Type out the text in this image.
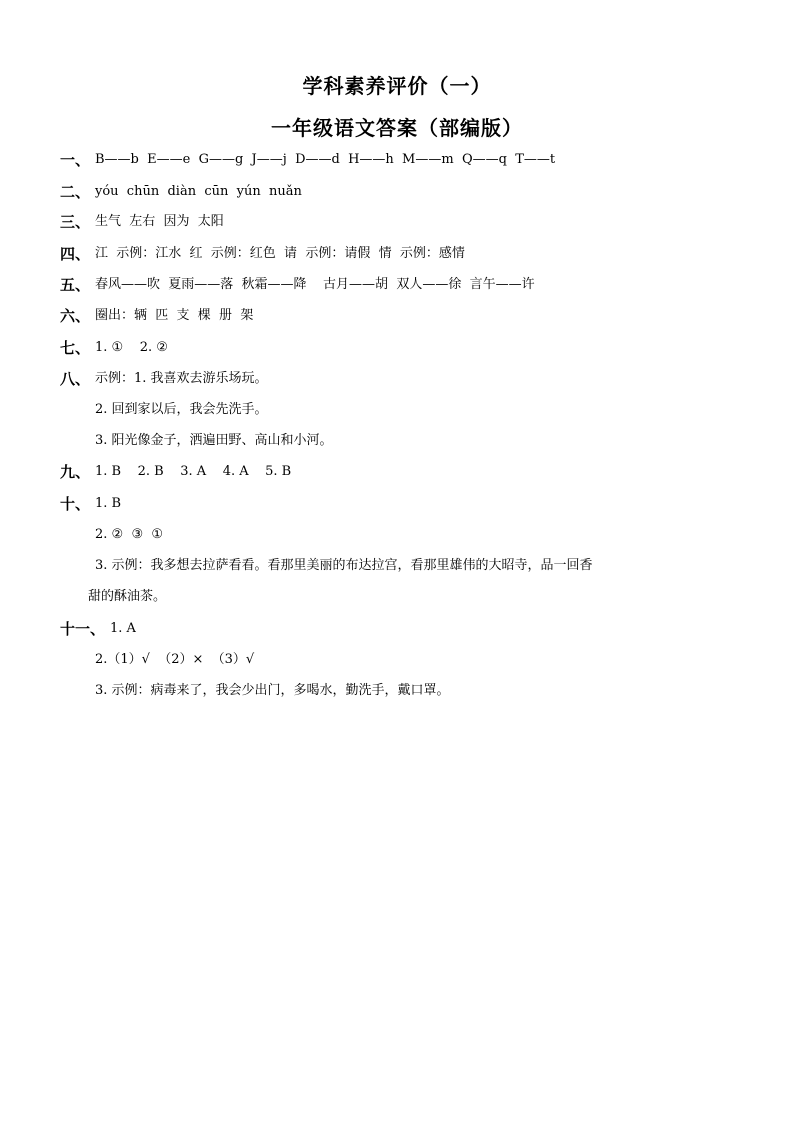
学科素养评价（一）
一年级语文答案（部编版）
一、 B——b  E——e  G——g  J——j  D——d  H——h  M——m  Q——q  T——t
二、 yóu  chūn  diàn  cūn  yún  nuǎn
三、 生气  左右  因为  太阳
四、 江  示例：江水  红  示例：红色  请  示例：请假  情  示例：感情
五、 春风——吹  夏雨——落  秋霜——降    古月——胡  双人——徐  言午——许
六、 圈出：辆  匹  支  棵  册  架
七、 1. ①    2. ②
八、 示例：1. 我喜欢去游乐场玩。
2. 回到家以后，我会先洗手。
3. 阳光像金子，洒遍田野、高山和小河。
九、 1. B    2. B    3. A    4. A    5. B
十、 1. B
2. ②  ③  ①
3. 示例：我多想去拉萨看看。看那里美丽的布达拉宫，看那里雄伟的大昭寺，品一回香
甜的酥油茶。
十一、 1. A
2.（1）√  （2）×  （3）√
3. 示例：病毒来了，我会少出门，多喝水，勤洗手，戴口罩。
